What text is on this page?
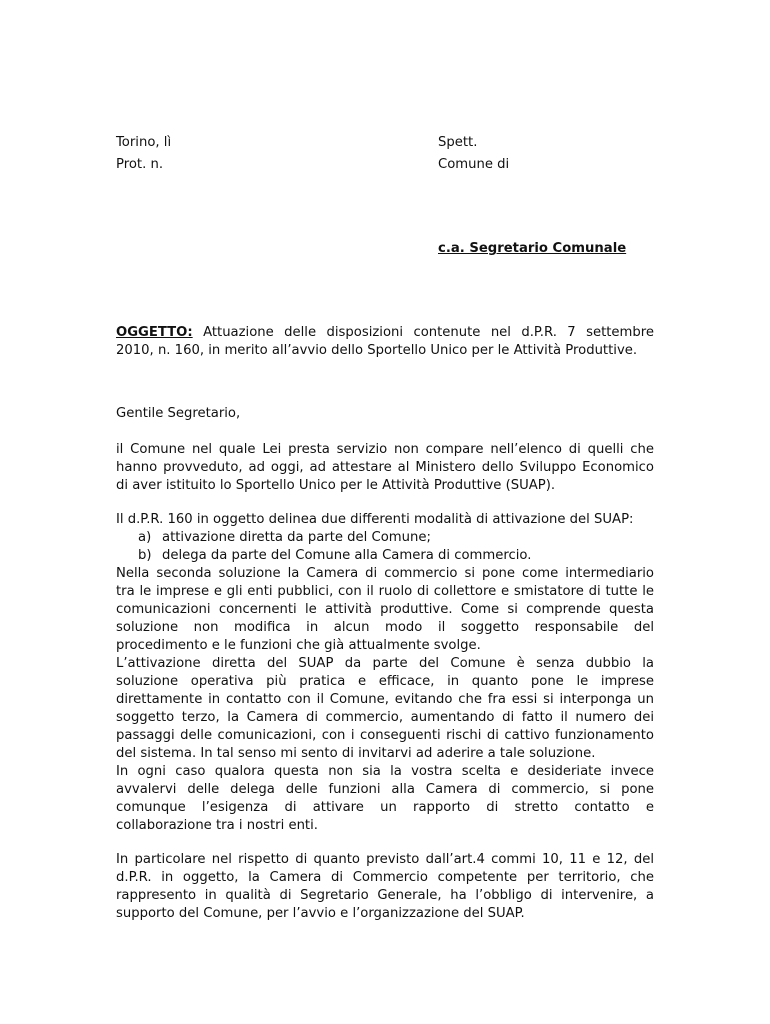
Torino, lì
Prot. n.
Spett.
Comune di
c.a. Segretario Comunale
OGGETTO: Attuazione delle disposizioni contenute nel d.P.R. 7 settembre
2010, n. 160, in merito all’avvio dello Sportello Unico per le Attività Produttive.
Gentile Segretario,
il Comune nel quale Lei presta servizio non compare nell’elenco di quelli che
hanno provveduto, ad oggi, ad attestare al Ministero dello Sviluppo Economico
di aver istituito lo Sportello Unico per le Attività Produttive (SUAP).
Il d.P.R. 160 in oggetto delinea due differenti modalità di attivazione del SUAP:
a) attivazione diretta da parte del Comune;
b) delega da parte del Comune alla Camera di commercio.
Nella seconda soluzione la Camera di commercio si pone come intermediario
tra le imprese e gli enti pubblici, con il ruolo di collettore e smistatore di tutte le
comunicazioni concernenti le attività produttive. Come si comprende questa
soluzione non modifica in alcun modo il soggetto responsabile del
procedimento e le funzioni che già attualmente svolge.
L’attivazione diretta del SUAP da parte del Comune è senza dubbio la
soluzione operativa più pratica e efficace, in quanto pone le imprese
direttamente in contatto con il Comune, evitando che fra essi si interponga un
soggetto terzo, la Camera di commercio, aumentando di fatto il numero dei
passaggi delle comunicazioni, con i conseguenti rischi di cattivo funzionamento
del sistema. In tal senso mi sento di invitarvi ad aderire a tale soluzione.
In ogni caso qualora questa non sia la vostra scelta e desideriate invece
avvalervi delle delega delle funzioni alla Camera di commercio, si pone
comunque l’esigenza di attivare un rapporto di stretto contatto e
collaborazione tra i nostri enti.
In particolare nel rispetto di quanto previsto dall’art.4 commi 10, 11 e 12, del
d.P.R. in oggetto, la Camera di Commercio competente per territorio, che
rappresento in qualità di Segretario Generale, ha l’obbligo di intervenire, a
supporto del Comune, per l’avvio e l’organizzazione del SUAP.
